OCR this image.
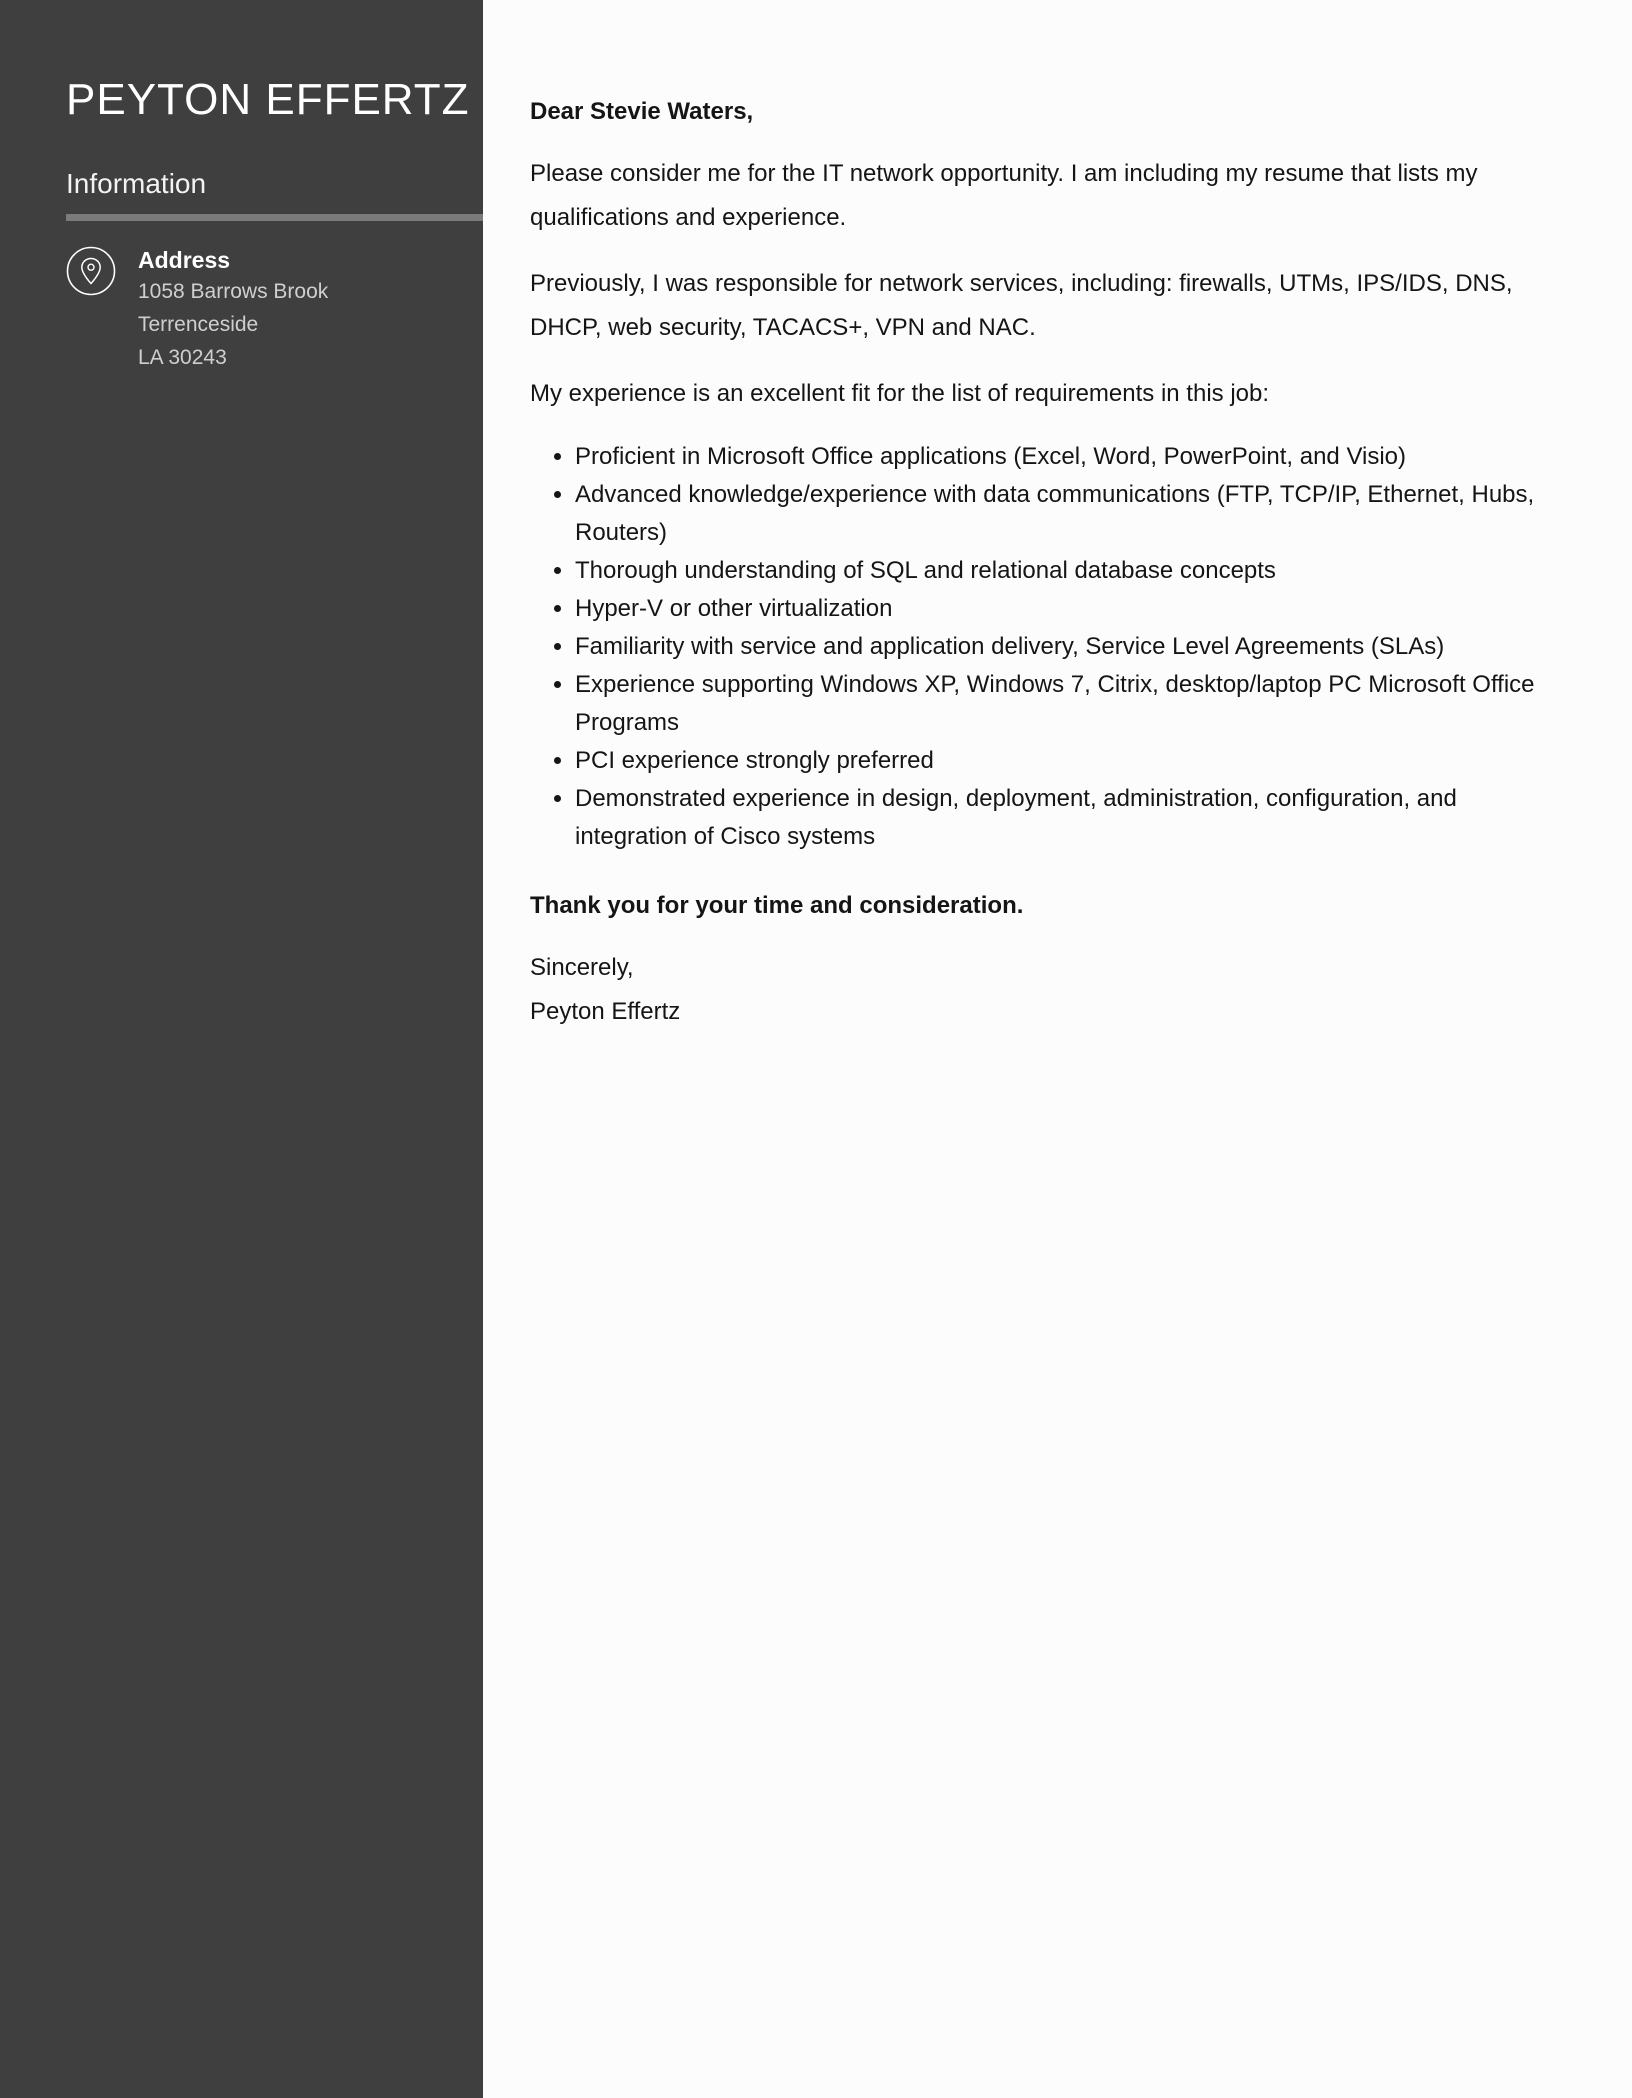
PEYTON EFFERTZ
Information
Address
1058 Barrows Brook
Terrenceside
LA 30243

Dear Stevie Waters,

Please consider me for the IT network opportunity. I am including my resume that lists my qualifications and experience.

Previously, I was responsible for network services, including: firewalls, UTMs, IPS/IDS, DNS, DHCP, web security, TACACS+, VPN and NAC.

My experience is an excellent fit for the list of requirements in this job:

• Proficient in Microsoft Office applications (Excel, Word, PowerPoint, and Visio)
• Advanced knowledge/experience with data communications (FTP, TCP/IP, Ethernet, Hubs, Routers)
• Thorough understanding of SQL and relational database concepts
• Hyper-V or other virtualization
• Familiarity with service and application delivery, Service Level Agreements (SLAs)
• Experience supporting Windows XP, Windows 7, Citrix, desktop/laptop PC Microsoft Office Programs
• PCI experience strongly preferred
• Demonstrated experience in design, deployment, administration, configuration, and integration of Cisco systems

Thank you for your time and consideration.

Sincerely,

Peyton Effertz
